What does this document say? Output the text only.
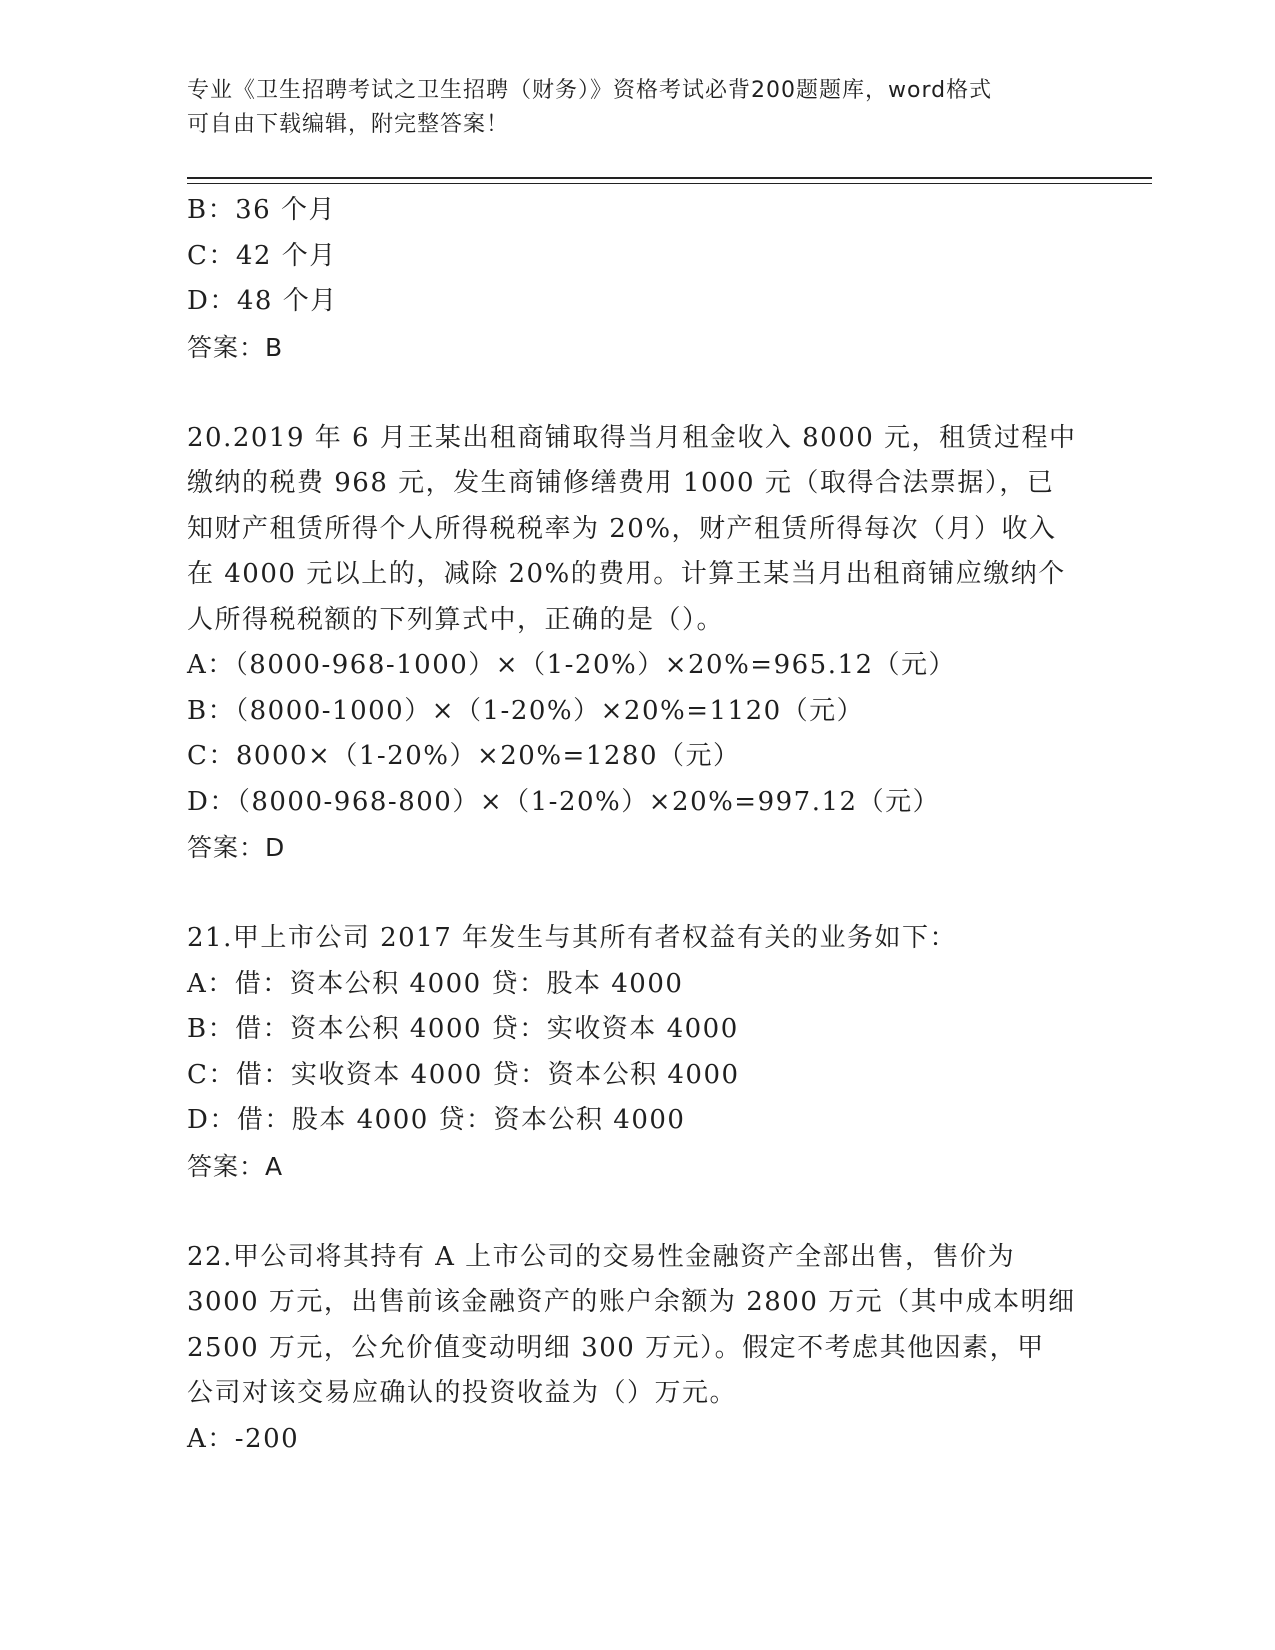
专业《卫生招聘考试之卫生招聘（财务）》资格考试必背200题题库，word格式
可自由下载编辑，附完整答案！
B：36 个月
C：42 个月
D：48 个月
答案：B
20.2019 年 6 月王某出租商铺取得当月租金收入 8000 元，租赁过程中
缴纳的税费 968 元，发生商铺修缮费用 1000 元（取得合法票据），已
知财产租赁所得个人所得税税率为 20%，财产租赁所得每次（月）收入
在 4000 元以上的，减除 20%的费用。计算王某当月出租商铺应缴纳个
人所得税税额的下列算式中，正确的是（）。
A：（8000-968-1000）×（1-20%）×20%=965.12（元）
B：（8000-1000）×（1-20%）×20%=1120（元）
C：8000×（1-20%）×20%=1280（元）
D：（8000-968-800）×（1-20%）×20%=997.12（元）
答案：D
21.甲上市公司 2017 年发生与其所有者权益有关的业务如下：
A：借：资本公积 4000 贷：股本 4000
B：借：资本公积 4000 贷：实收资本 4000
C：借：实收资本 4000 贷：资本公积 4000
D：借：股本 4000 贷：资本公积 4000
答案：A
22.甲公司将其持有 A 上市公司的交易性金融资产全部出售，售价为
3000 万元，出售前该金融资产的账户余额为 2800 万元（其中成本明细
2500 万元，公允价值变动明细 300 万元）。假定不考虑其他因素，甲
公司对该交易应确认的投资收益为（）万元。
A：-200
